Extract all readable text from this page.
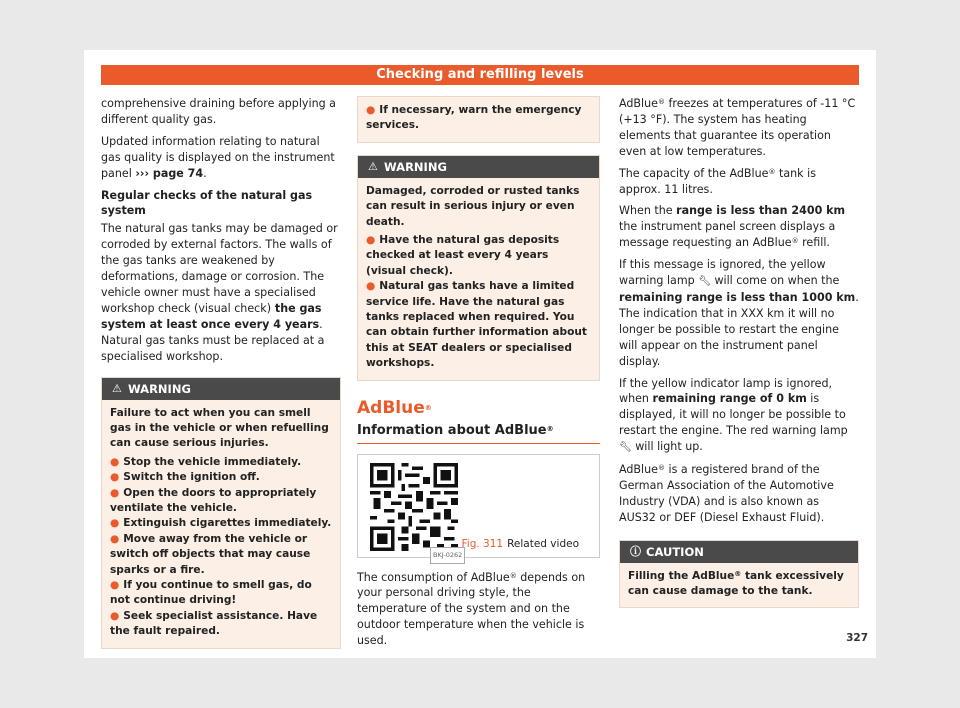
Checking and refilling levels

comprehensive draining before applying a different quality gas.

Updated information relating to natural gas quality is displayed on the instrument panel ››› page 74.

Regular checks of the natural gas system

The natural gas tanks may be damaged or corroded by external factors. The walls of the gas tanks are weakened by deformations, damage or corrosion. The vehicle owner must have a specialised workshop check (visual check) the gas system at least once every 4 years. Natural gas tanks must be replaced at a specialised workshop.

⚠ WARNING
Failure to act when you can smell gas in the vehicle or when refuelling can cause serious injuries.
● Stop the vehicle immediately.
● Switch the ignition off.
● Open the doors to appropriately ventilate the vehicle.
● Extinguish cigarettes immediately.
● Move away from the vehicle or switch off objects that may cause sparks or a fire.
● If you continue to smell gas, do not continue driving!
● Seek specialist assistance. Have the fault repaired.
● If necessary, warn the emergency services.
⚠ WARNING
Damaged, corroded or rusted tanks can result in serious injury or even death.
● Have the natural gas deposits checked at least every 4 years (visual check).
● Natural gas tanks have a limited service life. Have the natural gas tanks replaced when required. You can obtain further information about this at SEAT dealers or specialised workshops.
AdBlue®
Information about AdBlue®
BKJ-0262
Fig. 311 Related video

The consumption of AdBlue® depends on your personal driving style, the temperature of the system and on the outdoor temperature when the vehicle is used.

AdBlue® freezes at temperatures of -11 °C (+13 °F). The system has heating elements that guarantee its operation even at low temperatures.

The capacity of the AdBlue® tank is approx. 11 litres.

When the range is less than 2400 km the instrument panel screen displays a message requesting an AdBlue® refill.

If this message is ignored, the yellow warning lamp 🔧︎ will come on when the remaining range is less than 1000 km. The indication that in XXX km it will no longer be possible to restart the engine will appear on the instrument panel display.

If the yellow indicator lamp is ignored, when remaining range of 0 km is displayed, it will no longer be possible to restart the engine. The red warning lamp 🔧︎ will light up.

AdBlue® is a registered brand of the German Association of the Automotive Industry (VDA) and is also known as AUS32 or DEF (Diesel Exhaust Fluid).

ⓘ CAUTION
Filling the AdBlue® tank excessively can cause damage to the tank.
327
